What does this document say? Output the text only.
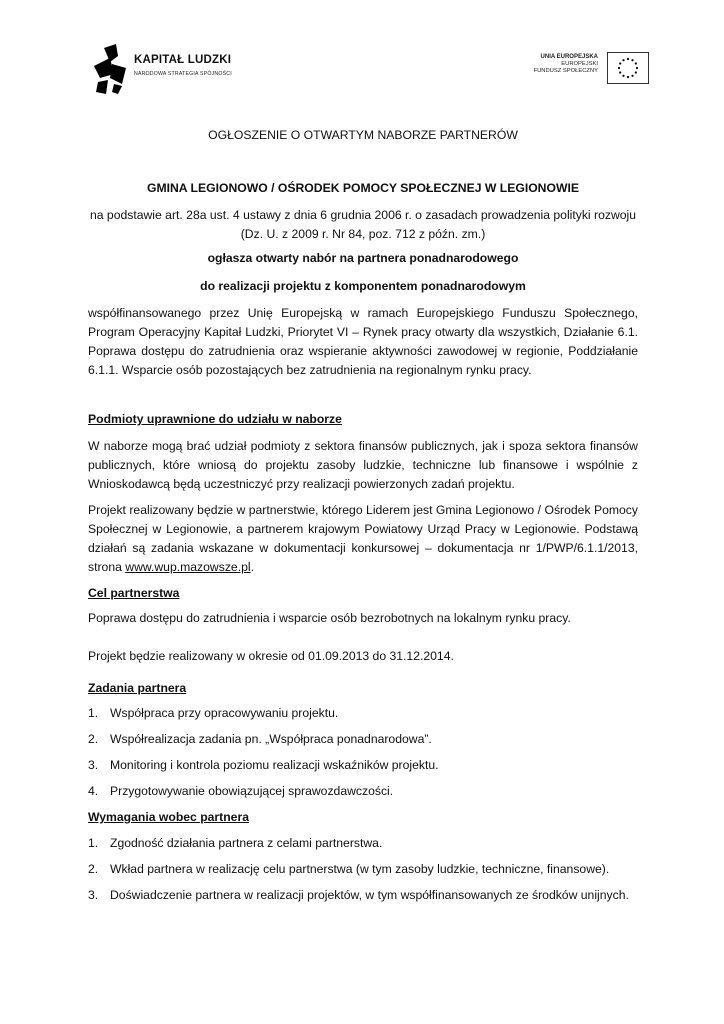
KAPITAŁ LUDZKI
NARODOWA STRATEGIA SPÓJNOŚCI
UNIA EUROPEJSKA
EUROPEJSKI
FUNDUSZ SPOŁECZNY
OGŁOSZENIE O OTWARTYM NABORZE PARTNERÓW
GMINA LEGIONOWO / OŚRODEK POMOCY SPOŁECZNEJ W LEGIONOWIE
na podstawie art. 28a ust. 4 ustawy z dnia 6 grudnia 2006 r. o zasadach prowadzenia polityki rozwoju (Dz. U. z 2009 r. Nr 84, poz. 712 z późn. zm.)
ogłasza otwarty nabór na partnera ponadnarodowego
do realizacji projektu z komponentem ponadnarodowym
współfinansowanego przez Unię Europejską w ramach Europejskiego Funduszu Społecznego, Program Operacyjny Kapitał Ludzki, Priorytet VI – Rynek pracy otwarty dla wszystkich, Działanie 6.1. Poprawa dostępu do zatrudnienia oraz wspieranie aktywności zawodowej w regionie, Poddziałanie 6.1.1. Wsparcie osób pozostających bez zatrudnienia na regionalnym rynku pracy.
Podmioty uprawnione do udziału w naborze
W naborze mogą brać udział podmioty z sektora finansów publicznych, jak i spoza sektora finansów publicznych, które wniosą do projektu zasoby ludzkie, techniczne lub finansowe i wspólnie z Wnioskodawcą będą uczestniczyć przy realizacji powierzonych zadań projektu.
Projekt realizowany będzie w partnerstwie, którego Liderem jest Gmina Legionowo / Ośrodek Pomocy Społecznej w Legionowie, a partnerem krajowym Powiatowy Urząd Pracy w Legionowie. Podstawą działań są zadania wskazane w dokumentacji konkursowej – dokumentacja nr 1/PWP/6.1.1/2013, strona www.wup.mazowsze.pl.
Cel partnerstwa
Poprawa dostępu do zatrudnienia i wsparcie osób bezrobotnych na lokalnym rynku pracy.
Projekt będzie realizowany w okresie od 01.09.2013 do 31.12.2014.
Zadania partnera
1. Współpraca przy opracowywaniu projektu.
2. Współrealizacja zadania pn. „Współpraca ponadnarodowa”.
3. Monitoring i kontrola poziomu realizacji wskaźników projektu.
4. Przygotowywanie obowiązującej sprawozdawczości.
Wymagania wobec partnera
1. Zgodność działania partnera z celami partnerstwa.
2. Wkład partnera w realizację celu partnerstwa (w tym zasoby ludzkie, techniczne, finansowe).
3. Doświadczenie partnera w realizacji projektów, w tym współfinansowanych ze środków unijnych.
